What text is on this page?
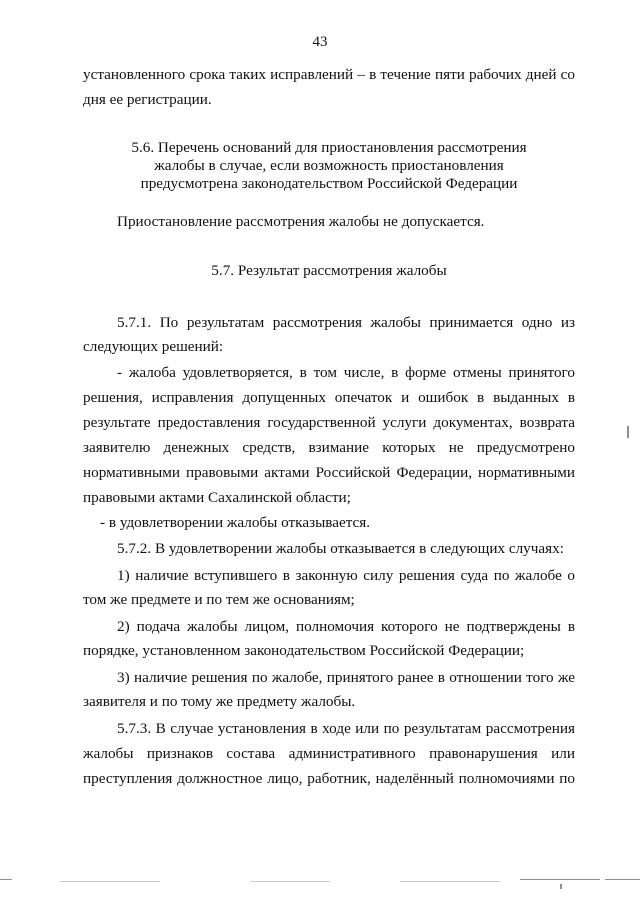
43
установленного срока таких исправлений – в течение пяти рабочих дней со
дня ее регистрации.
5.6. Перечень оснований для приостановления рассмотрения
жалобы в случае, если возможность приостановления
предусмотрена законодательством Российской Федерации
Приостановление рассмотрения жалобы не допускается.
5.7. Результат рассмотрения жалобы
5.7.1. По результатам рассмотрения жалобы принимается одно из
следующих решений:
- жалоба удовлетворяется, в том числе, в форме отмены принятого
решения, исправления допущенных опечаток и ошибок в выданных в
результате предоставления государственной услуги документах, возврата
заявителю денежных средств, взимание которых не предусмотрено
нормативными правовыми актами Российской Федерации, нормативными
правовыми актами Сахалинской области;
- в удовлетворении жалобы отказывается.
5.7.2. В удовлетворении жалобы отказывается в следующих случаях:
1) наличие вступившего в законную силу решения суда по жалобе о
том же предмете и по тем же основаниям;
2) подача жалобы лицом, полномочия которого не подтверждены в
порядке, установленном законодательством Российской Федерации;
3) наличие решения по жалобе, принятого ранее в отношении того же
заявителя и по тому же предмету жалобы.
5.7.3. В случае установления в ходе или по результатам рассмотрения
жалобы признаков состава административного правонарушения или
преступления должностное лицо, работник, наделённый полномочиями по
